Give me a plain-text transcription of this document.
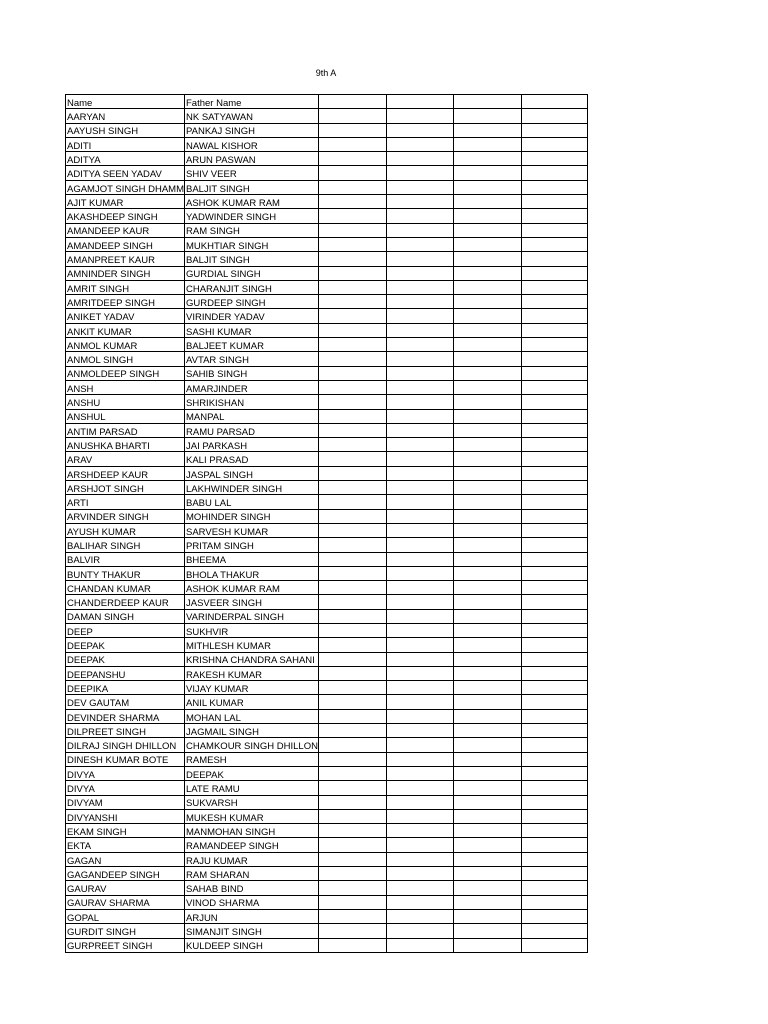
9th A
Name	Father Name				
AARYAN	NK SATYAWAN				
AAYUSH SINGH	PANKAJ SINGH				
ADITI	NAWAL KISHOR				
ADITYA	ARUN PASWAN				
ADITYA SEEN YADAV	SHIV VEER				
AGAMJOT SINGH DHAMM	BALJIT SINGH				
AJIT KUMAR	ASHOK KUMAR RAM				
AKASHDEEP SINGH	YADWINDER SINGH				
AMANDEEP KAUR	RAM SINGH				
AMANDEEP SINGH	MUKHTIAR SINGH				
AMANPREET KAUR	BALJIT SINGH				
AMNINDER SINGH	GURDIAL SINGH				
AMRIT SINGH	CHARANJIT SINGH				
AMRITDEEP SINGH	GURDEEP SINGH				
ANIKET YADAV	VIRINDER YADAV				
ANKIT KUMAR	SASHI KUMAR				
ANMOL KUMAR	BALJEET KUMAR				
ANMOL SINGH	AVTAR SINGH				
ANMOLDEEP SINGH	SAHIB SINGH				
ANSH	AMARJINDER				
ANSHU	SHRIKISHAN				
ANSHUL	MANPAL				
ANTIM PARSAD	RAMU PARSAD				
ANUSHKA BHARTI	JAI PARKASH				
ARAV	KALI PRASAD				
ARSHDEEP KAUR	JASPAL SINGH				
ARSHJOT SINGH	LAKHWINDER SINGH				
ARTI	BABU LAL				
ARVINDER SINGH	MOHINDER SINGH				
AYUSH KUMAR	SARVESH KUMAR				
BALIHAR SINGH	PRITAM SINGH				
BALVIR	BHEEMA				
BUNTY THAKUR	BHOLA THAKUR				
CHANDAN KUMAR	ASHOK KUMAR RAM				
CHANDERDEEP KAUR	JASVEER SINGH				
DAMAN SINGH	VARINDERPAL SINGH				
DEEP	SUKHVIR				
DEEPAK	MITHLESH KUMAR				
DEEPAK	KRISHNA CHANDRA SAHANI				
DEEPANSHU	RAKESH KUMAR				
DEEPIKA	VIJAY KUMAR				
DEV GAUTAM	ANIL KUMAR				
DEVINDER SHARMA	MOHAN LAL				
DILPREET SINGH	JAGMAIL SINGH				
DILRAJ SINGH DHILLON	CHAMKOUR SINGH DHILLON				
DINESH KUMAR BOTE	RAMESH				
DIVYA	DEEPAK				
DIVYA	LATE RAMU				
DIVYAM	SUKVARSH				
DIVYANSHI	MUKESH KUMAR				
EKAM SINGH	MANMOHAN SINGH				
EKTA	RAMANDEEP SINGH				
GAGAN	RAJU KUMAR				
GAGANDEEP SINGH	RAM SHARAN				
GAURAV	SAHAB BIND				
GAURAV SHARMA	VINOD SHARMA				
GOPAL	ARJUN				
GURDIT SINGH	SIMANJIT SINGH				
GURPREET SINGH	KULDEEP SINGH				
